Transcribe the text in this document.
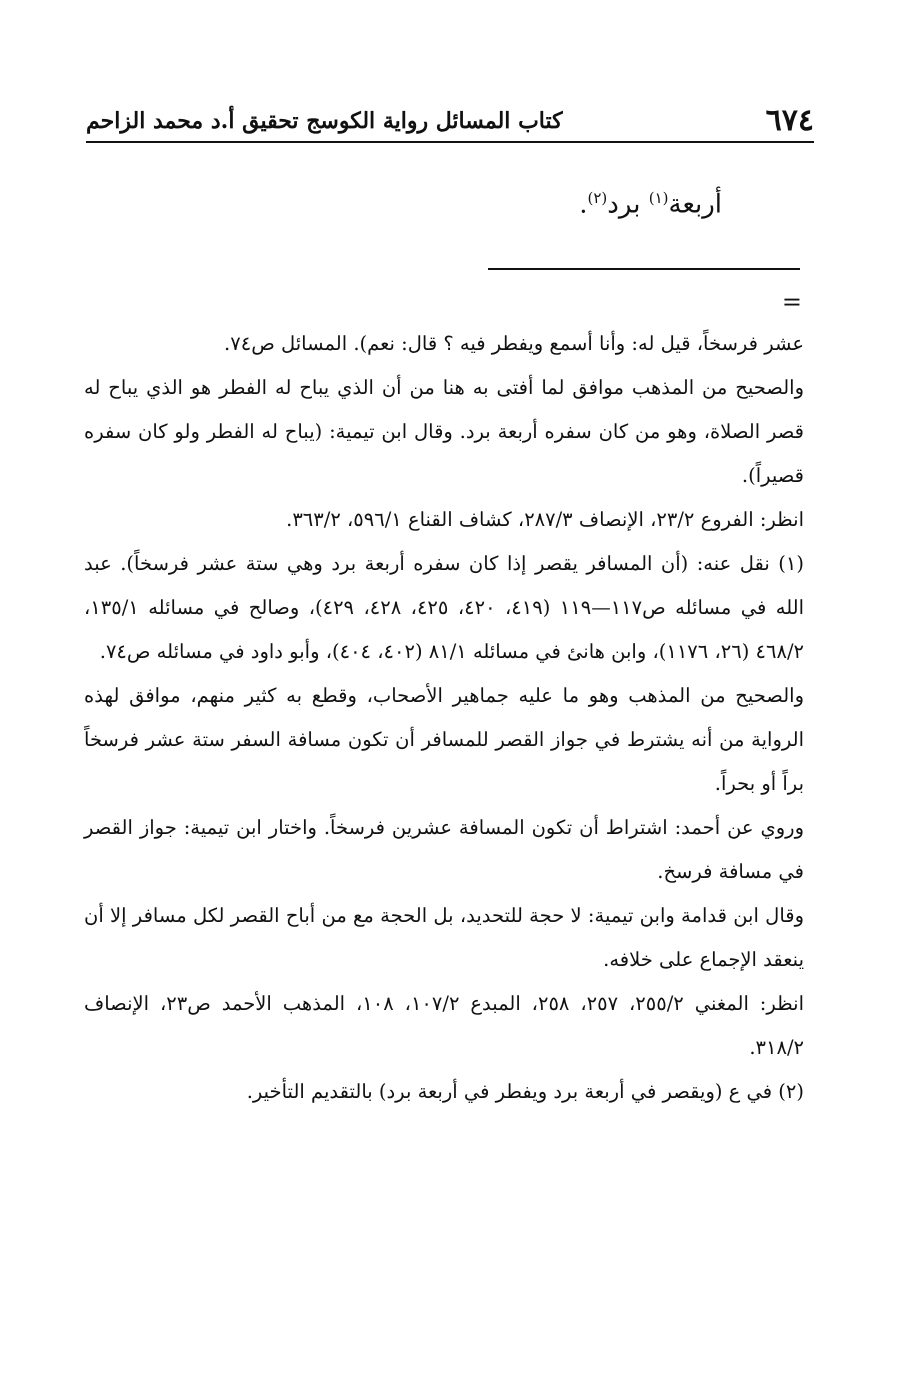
٦٧٤
كتاب المسائل رواية الكوسج تحقيق أ.د محمد الزاحم
أربعة$^{(١)}$ برد$^{(٢)}$.
=

عشر فرسخاً، قيل له: وأنا أسمع ويفطر فيه ؟ قال: نعم). المسائل ص٧٤.

والصحيح من المذهب موافق لما أفتى به هنا من أن الذي يباح له الفطر هو الذي يباح له قصر الصلاة، وهو من كان سفره أربعة برد. وقال ابن تيمية: (يباح له الفطر ولو كان سفره قصيراً).

انظر: الفروع ٢٣/٢، الإنصاف ٢٨٧/٣، كشاف القناع ٥٩٦/١، ٣٦٣/٢.

(١) نقل عنه: (أن المسافر يقصر إذا كان سفره أربعة برد وهي ستة عشر فرسخاً). عبد الله في مسائله ص١١٧—١١٩ (٤١٩، ٤٢٠، ٤٢٥، ٤٢٨، ٤٢٩)، وصالح في مسائله ١٣٥/١، ٤٦٨/٢ (٢٦، ١١٧٦)، وابن هانئ في مسائله ٨١/١ (٤٠٢، ٤٠٤)، وأبو داود في مسائله ص٧٤.

والصحيح من المذهب وهو ما عليه جماهير الأصحاب، وقطع به كثير منهم، موافق لهذه الرواية من أنه يشترط في جواز القصر للمسافر أن تكون مسافة السفر ستة عشر فرسخاً براً أو بحراً.

وروي عن أحمد: اشتراط أن تكون المسافة عشرين فرسخاً. واختار ابن تيمية: جواز القصر في مسافة فرسخ.

وقال ابن قدامة وابن تيمية: لا حجة للتحديد، بل الحجة مع من أباح القصر لكل مسافر إلا أن ينعقد الإجماع على خلافه.

انظر: المغني ٢٥٥/٢، ٢٥٧، ٢٥٨، المبدع ١٠٧/٢، ١٠٨، المذهب الأحمد ص٢٣، الإنصاف ٣١٨/٢.

(٢) في ع (ويقصر في أربعة برد ويفطر في أربعة برد) بالتقديم التأخير.
